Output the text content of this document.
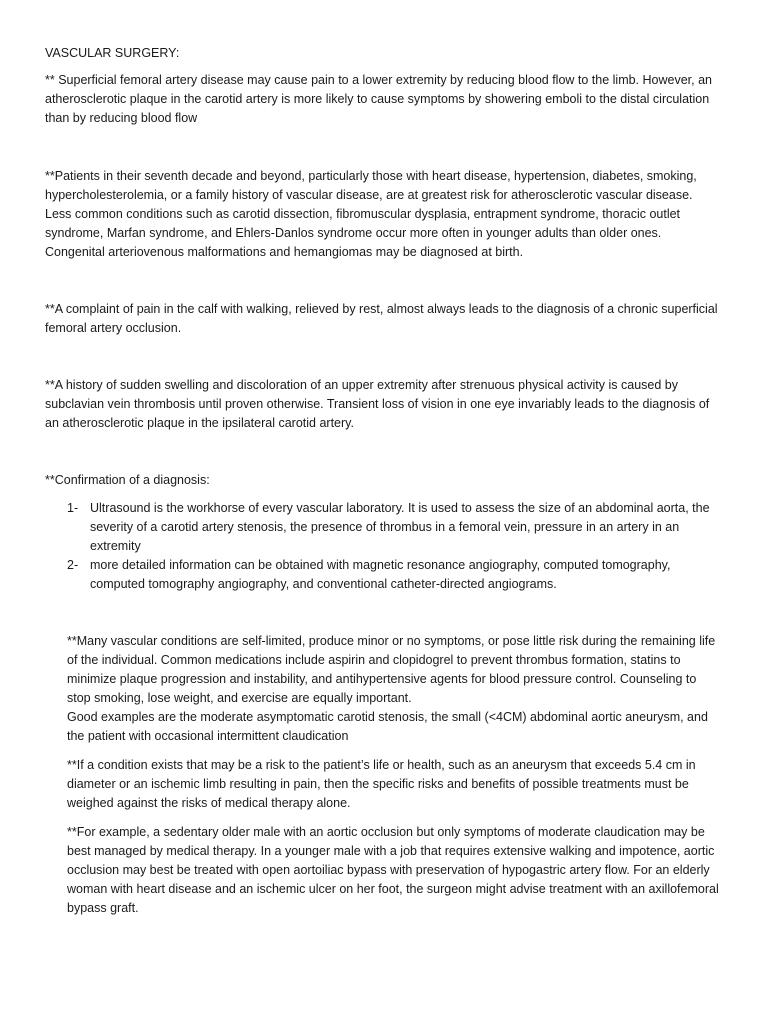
VASCULAR SURGERY:

** Superficial femoral artery disease may cause pain to a lower extremity by reducing blood flow to the limb. However, an atherosclerotic plaque in the carotid artery is more likely to cause symptoms by showering emboli to the distal circulation than by reducing blood flow

**Patients in their seventh decade and beyond, particularly those with heart disease, hypertension, diabetes, smoking, hypercholesterolemia, or a family history of vascular disease, are at greatest risk for atherosclerotic vascular disease. Less common conditions such as carotid dissection, fibromuscular dysplasia, entrapment syndrome, thoracic outlet syndrome, Marfan syndrome, and Ehlers-Danlos syndrome occur more often in younger adults than older ones. Congenital arteriovenous malformations and hemangiomas may be diagnosed at birth.

**A complaint of pain in the calf with walking, relieved by rest, almost always leads to the diagnosis of a chronic superficial femoral artery occlusion.

**A history of sudden swelling and discoloration of an upper extremity after strenuous physical activity is caused by subclavian vein thrombosis until proven otherwise. Transient loss of vision in one eye invariably leads to the diagnosis of an atherosclerotic plaque in the ipsilateral carotid artery.

**Confirmation of a diagnosis:

1- Ultrasound is the workhorse of every vascular laboratory. It is used to assess the size of an abdominal aorta, the severity of a carotid artery stenosis, the presence of thrombus in a femoral vein, pressure in an artery in an extremity
2- more detailed information can be obtained with magnetic resonance angiography, computed tomography, computed tomography angiography, and conventional catheter-directed angiograms.

**Many vascular conditions are self-limited, produce minor or no symptoms, or pose little risk during the remaining life of the individual. Common medications include aspirin and clopidogrel to prevent thrombus formation, statins to minimize plaque progression and instability, and antihypertensive agents for blood pressure control. Counseling to stop smoking, lose weight, and exercise are equally important.

Good examples are the moderate asymptomatic carotid stenosis, the small (<4CM) abdominal aortic aneurysm, and the patient with occasional intermittent claudication

**If a condition exists that may be a risk to the patient’s life or health, such as an aneurysm that exceeds 5.4 cm in diameter or an ischemic limb resulting in pain, then the specific risks and benefits of possible treatments must be weighed against the risks of medical therapy alone.

**For example, a sedentary older male with an aortic occlusion but only symptoms of moderate claudication may be best managed by medical therapy. In a younger male with a job that requires extensive walking and impotence, aortic occlusion may best be treated with open aortoiliac bypass with preservation of hypogastric artery flow. For an elderly woman with heart disease and an ischemic ulcer on her foot, the surgeon might advise treatment with an axillofemoral bypass graft.
